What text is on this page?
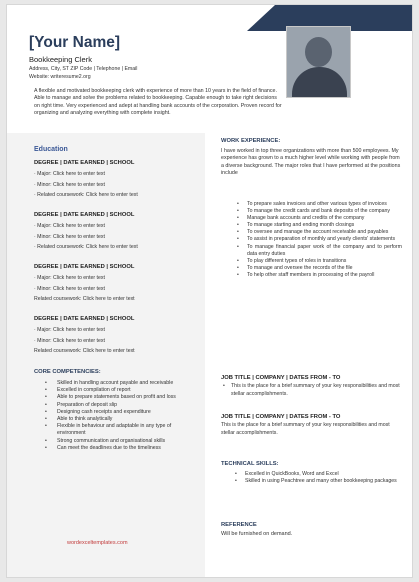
[Your Name]
Bookkeeping Clerk
Address, City, ST ZIP Code | Telephone | Email
Website: writeresume2.org
A flexible and motivated bookkeeping clerk with experience of more than 10 years in the field of finance. Able to manage and solve the problems related to bookkeeping. Capable enough to take right decisions on right time. Very experienced and adept at handling bank accounts of the corporation. Proven record for organizing and analyzing everything with complete insight.
Education
DEGREE | DATE EARNED | SCHOOL
· Major: Click here to enter text
· Minor: Click here to enter text
· Related coursework: Click here to enter text
DEGREE | DATE EARNED | SCHOOL
· Major: Click here to enter text
· Minor: Click here to enter text
· Related coursework: Click here to enter text
DEGREE | DATE EARNED | SCHOOL
· Major: Click here to enter text
· Minor: Click here to enter text
Related coursework: Click here to enter text
DEGREE | DATE EARNED | SCHOOL
· Major: Click here to enter text
· Minor: Click here to enter text
Related coursework: Click here to enter text
CORE COMPETENCIES:
• Skilled in handling account payable and receivable
• Excelled in compilation of report
• Able to prepare statements based on profit and loss
• Preparation of deposit slip
• Designing cash receipts and expenditure
• Able to think analytically
• Flexible in behaviour and adaptable in any type of environment
• Strong communication and organisational skills
• Can meet the deadlines due to the timeliness
wordexceltemplates.com
WORK EXPERIENCE:
I have worked in top three organizations with more than 500 employees. My experience has grown to a much higher level while working with people from a diverse background. The major roles that I have performed at the positions include
• To prepare sales invoices and other various types of invoices
• To manage the credit cards and bank deposits of the company
• Manage bank accounts and credits of the company
• To manage starting and ending month closings
• To oversee and manage the account receivable and payables
• To assist in preparation of monthly and yearly clients' statements
• To manage financial paper work of the company and to perform data entry duties
• To play different types of roles in transitions
• To manage and oversee the records of the file
• To help other staff members in processing of the payroll
JOB TITLE | COMPANY | DATES FROM - TO
• This is the place for a brief summary of your key responsibilities and most stellar accomplishments.
JOB TITLE | COMPANY | DATES FROM - TO
This is the place for a brief summary of your key responsibilities and most stellar accomplishments.
TECHNICAL SKILLS:
• Excelled in QuickBooks, Word and Excel
• Skilled in using Peachtree and many other bookkeeping packages
REFERENCE
Will be furnished on demand.
